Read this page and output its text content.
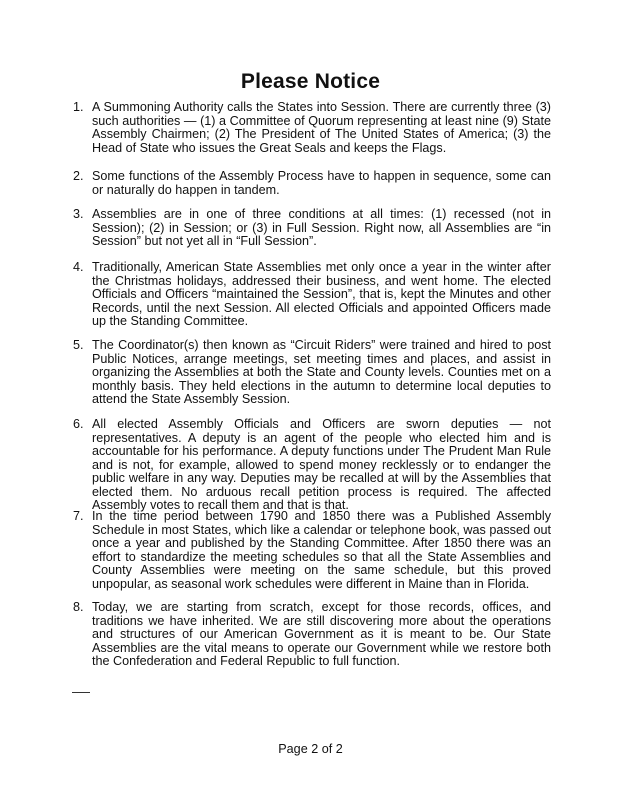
Please Notice
1. A Summoning Authority calls the States into Session. There are currently three (3) such authorities — (1) a Committee of Quorum representing at least nine (9) State Assembly Chairmen; (2) The President of The United States of America; (3) the Head of State who issues the Great Seals and keeps the Flags.
2. Some functions of the Assembly Process have to happen in sequence, some can or naturally do happen in tandem.
3. Assemblies are in one of three conditions at all times: (1) recessed (not in Session); (2) in Session; or (3) in Full Session. Right now, all Assemblies are “in Session” but not yet all in “Full Session”.
4. Traditionally, American State Assemblies met only once a year in the winter after the Christmas holidays, addressed their business, and went home. The elected Officials and Officers “maintained the Session”, that is, kept the Minutes and other Records, until the next Session. All elected Officials and appointed Officers made up the Standing Committee.
5. The Coordinator(s) then known as “Circuit Riders” were trained and hired to post Public Notices, arrange meetings, set meeting times and places, and assist in organizing the Assemblies at both the State and County levels. Counties met on a monthly basis. They held elections in the autumn to determine local deputies to attend the State Assembly Session.
6. All elected Assembly Officials and Officers are sworn deputies — not representatives. A deputy is an agent of the people who elected him and is accountable for his performance. A deputy functions under The Prudent Man Rule and is not, for example, allowed to spend money recklessly or to endanger the public welfare in any way. Deputies may be recalled at will by the Assemblies that elected them. No arduous recall petition process is required. The affected Assembly votes to recall them and that is that.
7. In the time period between 1790 and 1850 there was a Published Assembly Schedule in most States, which like a calendar or telephone book, was passed out once a year and published by the Standing Committee. After 1850 there was an effort to standardize the meeting schedules so that all the State Assemblies and County Assemblies were meeting on the same schedule, but this proved unpopular, as seasonal work schedules were different in Maine than in Florida.
8. Today, we are starting from scratch, except for those records, offices, and traditions we have inherited. We are still discovering more about the operations and structures of our American Government as it is meant to be. Our State Assemblies are the vital means to operate our Government while we restore both the Confederation and Federal Republic to full function.
Page 2 of 2
